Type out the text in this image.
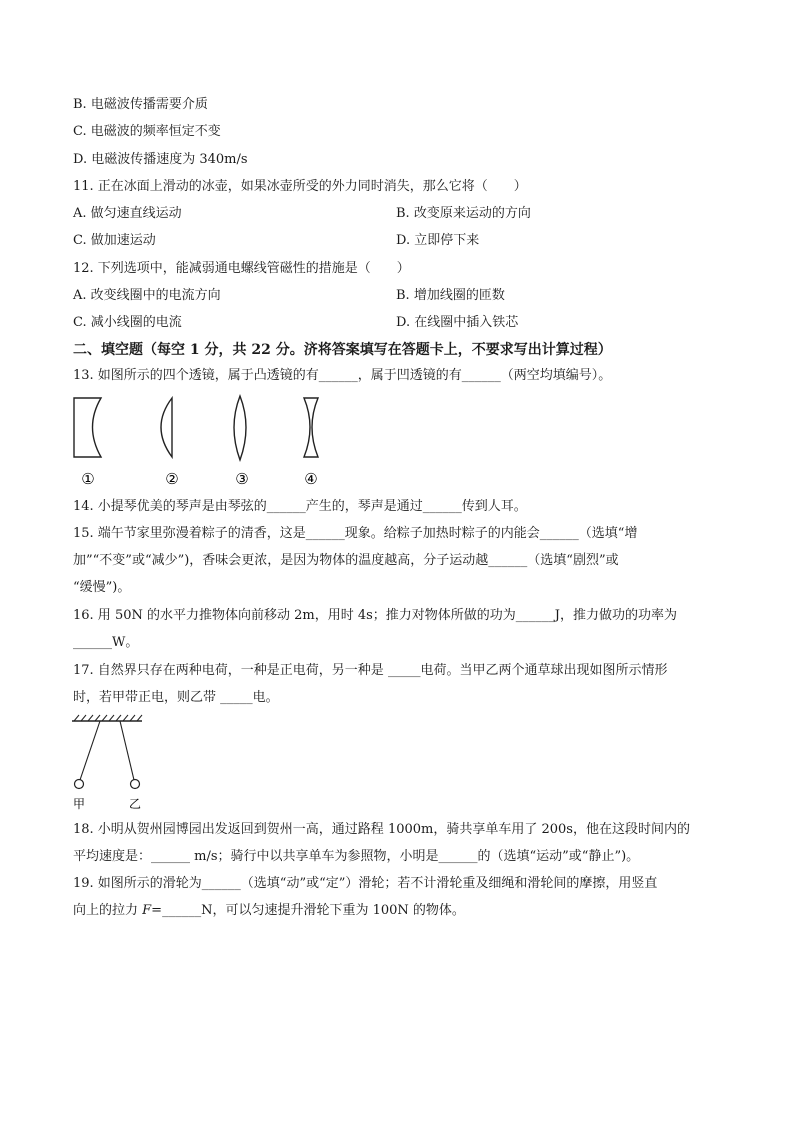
B. 电磁波传播需要介质
C. 电磁波的频率恒定不变
D. 电磁波传播速度为 340m/s
11. 正在冰面上滑动的冰壶，如果冰壶所受的外力同时消失，那么它将（　　）
A. 做匀速直线运动	B. 改变原来运动的方向
C. 做加速运动	D. 立即停下来
12. 下列选项中，能减弱通电螺线管磁性的措施是（　　）
A. 改变线圈中的电流方向	B. 增加线圈的匝数
C. 减小线圈的电流	D. 在线圈中插入铁芯
二、填空题（每空 1 分，共 22 分。济将答案填写在答题卡上，不要求写出计算过程）
13. 如图所示的四个透镜，属于凸透镜的有______，属于凹透镜的有______（两空均填编号）。
①	②	③	④
14. 小提琴优美的琴声是由琴弦的______产生的，琴声是通过______传到人耳。
15. 端午节家里弥漫着粽子的清香，这是______现象。给粽子加热时粽子的内能会______（选填“增
加”“不变”或“减少”)，香味会更浓，是因为物体的温度越高，分子运动越______（选填“剧烈”或
“缓慢”)。
16. 用 50N 的水平力推物体向前移动 2m，用时 4s；推力对物体所做的功为______J，推力做功的功率为
______W。
17. 自然界只存在两种电荷，一种是正电荷，另一种是 _____电荷。当甲乙两个通草球出现如图所示情形
时，若甲带正电，则乙带 _____电。
甲	乙
18. 小明从贺州园博园出发返回到贺州一高，通过路程 1000m，骑共享单车用了 200s，他在这段时间内的
平均速度是：______ m/s；骑行中以共享单车为参照物，小明是______的（选填“运动”或“静止”)。
19. 如图所示的滑轮为______（选填“动”或“定”）滑轮；若不计滑轮重及细绳和滑轮间的摩擦，用竖直
向上的拉力 F=______N，可以匀速提升滑轮下重为 100N 的物体。
